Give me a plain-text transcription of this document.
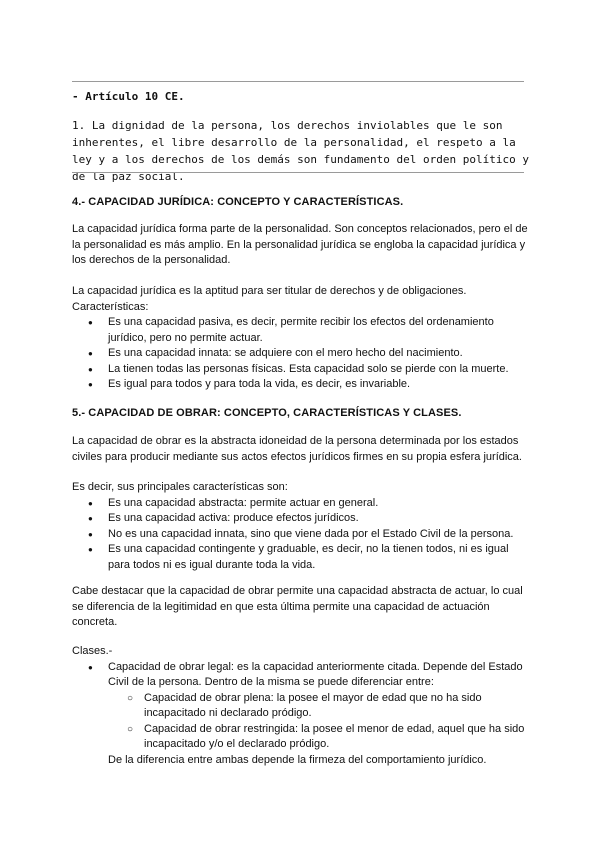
- Artículo 10 CE.
1. La dignidad de la persona, los derechos inviolables que le son inherentes, el libre desarrollo de la personalidad, el respeto a la ley y a los derechos de los demás son fundamento del orden político y de la paz social.
4.- CAPACIDAD JURÍDICA: CONCEPTO Y CARACTERÍSTICAS.

La capacidad jurídica forma parte de la personalidad. Son conceptos relacionados, pero el de la personalidad es más amplio. En la personalidad jurídica se engloba la capacidad jurídica y los derechos de la personalidad.

La capacidad jurídica es la aptitud para ser titular de derechos y de obligaciones.

Características:

● Es una capacidad pasiva, es decir, permite recibir los efectos del ordenamiento jurídico, pero no permite actuar.
● Es una capacidad innata: se adquiere con el mero hecho del nacimiento.
● La tienen todas las personas físicas. Esta capacidad solo se pierde con la muerte.
● Es igual para todos y para toda la vida, es decir, es invariable.
5.- CAPACIDAD DE OBRAR: CONCEPTO, CARACTERÍSTICAS Y CLASES.

La capacidad de obrar es la abstracta idoneidad de la persona determinada por los estados civiles para producir mediante sus actos efectos jurídicos firmes en su propia esfera jurídica.

Es decir, sus principales características son:

● Es una capacidad abstracta: permite actuar en general.
● Es una capacidad activa: produce efectos jurídicos.
● No es una capacidad innata, sino que viene dada por el Estado Civil de la persona.
● Es una capacidad contingente y graduable, es decir, no la tienen todos, ni es igual para todos ni es igual durante toda la vida.

Cabe destacar que la capacidad de obrar permite una capacidad abstracta de actuar, lo cual se diferencia de la legitimidad en que esta última permite una capacidad de actuación concreta.

Clases.-

● Capacidad de obrar legal: es la capacidad anteriormente citada. Depende del Estado Civil de la persona. Dentro de la misma se puede diferenciar entre:
○ Capacidad de obrar plena: la posee el mayor de edad que no ha sido incapacitado ni declarado pródigo.
○ Capacidad de obrar restringida: la posee el menor de edad, aquel que ha sido incapacitado y/o el declarado pródigo.

De la diferencia entre ambas depende la firmeza del comportamiento jurídico.
